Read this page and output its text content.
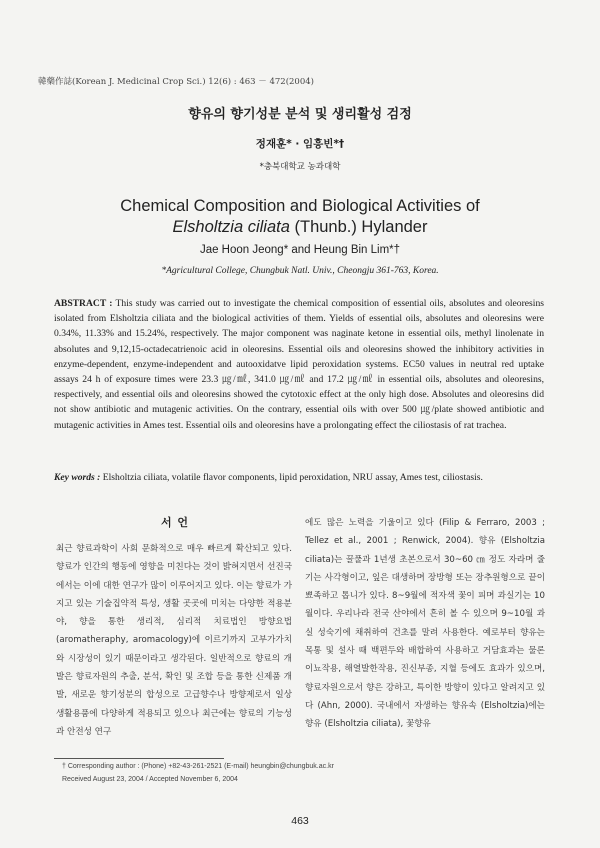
韓藥作誌(Korean J. Medicinal Crop Sci.) 12(6) : 463 － 472(2004)
향유의 향기성분 분석 및 생리활성 검정
정재훈* · 임흥빈*†
*충북대학교 농과대학
Chemical Composition and Biological Activities of
Elsholtzia ciliata (Thunb.) Hylander
Jae Hoon Jeong* and Heung Bin Lim*†
*Agricultural College, Chungbuk Natl. Univ., Cheongju 361-763, Korea.
ABSTRACT : This study was carried out to investigate the chemical composition of essential oils, absolutes and oleoresins isolated from Elsholtzia ciliata and the biological activities of them. Yields of essential oils, absolutes and oleoresins were 0.34%, 11.33% and 15.24%, respectively. The major component was naginate ketone in essential oils, methyl linolenate in absolutes and 9,12,15-octadecatrienoic acid in oleoresins. Essential oils and oleoresins showed the inhibitory activities in enzyme-dependent, enzyme-independent and autooxidatve lipid peroxidation systems. EC50 values in neutral red uptake assays 24 h of exposure times were 23.3 ㎍/㎖, 341.0 ㎍/㎖ and 17.2 ㎍/㎖ in essential oils, absolutes and oleoresins, respectively, and essential oils and oleoresins showed the cytotoxic effect at the only high dose. Absolutes and oleoresins did not show antibiotic and mutagenic activities. On the contrary, essential oils with over 500 ㎍/plate showed antibiotic and mutagenic activities in Ames test. Essential oils and oleoresins have a prolongating effect the ciliostasis of rat trachea.
Key words : Elsholtzia ciliata, volatile flavor components, lipid peroxidation, NRU assay, Ames test, ciliostasis.
서 언
최근 향료과학이 사회 문화적으로 매우 빠르게 확산되고 있다. 향료가 인간의 행동에 영향을 미친다는 것이 밝혀지면서 선진국에서는 이에 대한 연구가 많이 이루어지고 있다. 이는 향료가 가지고 있는 기술집약적 특성, 생활 곳곳에 미치는 다양한 적용분야, 향을 통한 생리적, 심리적 치료법인 방향요법 (aromatheraphy, aromacology)에 이르기까지 고부가가치와 시장성이 있기 때문이라고 생각된다. 일반적으로 향료의 개발은 향료자원의 추출, 분석, 확인 및 조합 등을 통한 신제품 개발, 새로운 향기성분의 합성으로 고급향수나 방향제로서 일상 생활용품에 다양하게 적용되고 있으나 최근에는 향료의 기능성과 안전성 연구
에도 많은 노력을 기울이고 있다 (Filip & Ferraro, 2003 ; Tellez et al., 2001 ; Renwick, 2004). 향유 (Elsholtzia ciliata)는 꿀풀과 1년생 초본으로서 30~60 ㎝ 정도 자라며 줄기는 사각형이고, 잎은 대생하며 장방형 또는 장추원형으로 끝이 뾰족하고 톱니가 있다. 8~9월에 적자색 꽃이 피며 과실기는 10월이다. 우리나라 전국 산야에서 흔히 볼 수 있으며 9~10월 과실 성숙기에 채취하여 건초를 말려 사용한다. 예로부터 향유는 목통 및 설사 때 백편두와 배합하여 사용하고 거담효과는 물론 이뇨작용, 해열발한작용, 진신부종, 지혈 등에도 효과가 있으며, 향료자원으로서 향은 강하고, 특이한 방향이 있다고 알려지고 있다 (Ahn, 2000). 국내에서 자생하는 향유속 (Elsholtzia)에는 향유 (Elsholtzia ciliata), 꽃향유
† Corresponding author : (Phone) +82-43-261-2521 (E-mail) heungbin@chungbuk.ac.kr
Received August 23, 2004 / Accepted November 6, 2004
463
